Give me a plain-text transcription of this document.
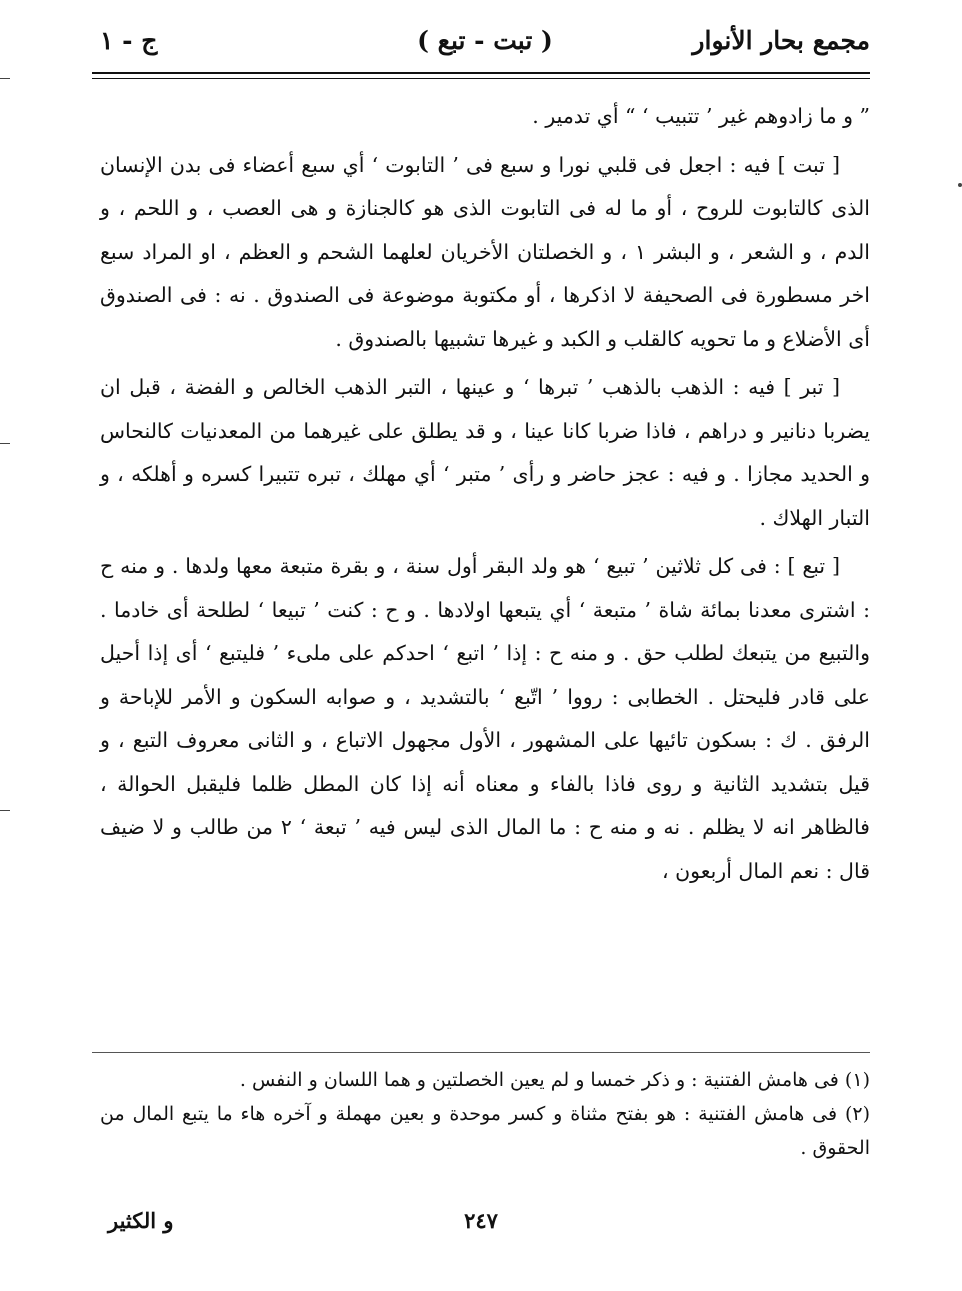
مجمع بحار الأنوار
( تبت - تبع )
ج - ١

” و ما زادوهم غير ’ تتبيب ‘ “ أي تدمير .

[ تبت ] فيه : اجعل فى قلبي نورا و سبع فى ’ التابوت ‘ أي سبع أعضاء فى بدن الإنسان الذى كالتابوت للروح ، أو ما له فى التابوت الذى هو كالجنازة و هى العصب ، و اللحم ، و الدم ، و الشعر ، و البشر ١ ، و الخصلتان الأخريان لعلهما الشحم و العظم ، او المراد سبع اخر مسطورة فى الصحيفة لا اذكرها ، أو مكتوبة موضوعة فى الصندوق . نه : فى الصندوق أى الأضلاع و ما تحويه كالقلب و الكبد و غيرها تشبيها بالصندوق .

[ تبر ] فيه : الذهب بالذهب ’ تبرها ‘ و عينها ، التبر الذهب الخالص و الفضة ، قبل ان يضربا دنانير و دراهم ، فاذا ضربا كانا عينا ، و قد يطلق على غيرهما من المعدنيات كالنحاس و الحديد مجازا . و فيه : عجز حاضر و رأى ’ متبر ‘ أي مهلك ، تبره تتبيرا كسره و أهلكه ، و التبار الهلاك .

[ تبع ] : فى كل ثلاثين ’ تبيع ‘ هو ولد البقر أول سنة ، و بقرة متبعة معها ولدها . و منه ح : اشترى معدنا بمائة شاة ’ متبعة ‘ أي يتبعها اولادها . و ح : كنت ’ تبيعا ‘ لطلحة أى خادما . والتبيع من يتبعك لطلب حق . و منه ح : إذا ’ اتبع ‘ احدكم على ملىء ’ فليتبع ‘ أى إذا أحيل على قادر فليحتل . الخطابى : رووا ’ اتّبع ‘ بالتشديد ، و صوابه السكون و الأمر للإباحة و الرفق . ك : بسكون تائيها على المشهور ، الأول مجهول الاتباع ، و الثانى معروف التبع ، و قيل بتشديد الثانية و روى فاذا بالفاء و معناه أنه إذا كان المطل ظلما فليقبل الحوالة ، فالظاهر انه لا يظلم . نه و منه ح : ما المال الذى ليس فيه ’ تبعة ‘ ٢ من طالب و لا ضيف قال : نعم المال أربعون ،

(١) فى هامش الفتنية : و ذكر خمسا و لم يعين الخصلتين و هما اللسان و النفس .

(٢) فى هامش الفتنية : هو بفتح مثناة و كسر موحدة و بعين مهملة و آخره هاء ما يتبع المال من الحقوق .

٢٤٧
و الكثير
